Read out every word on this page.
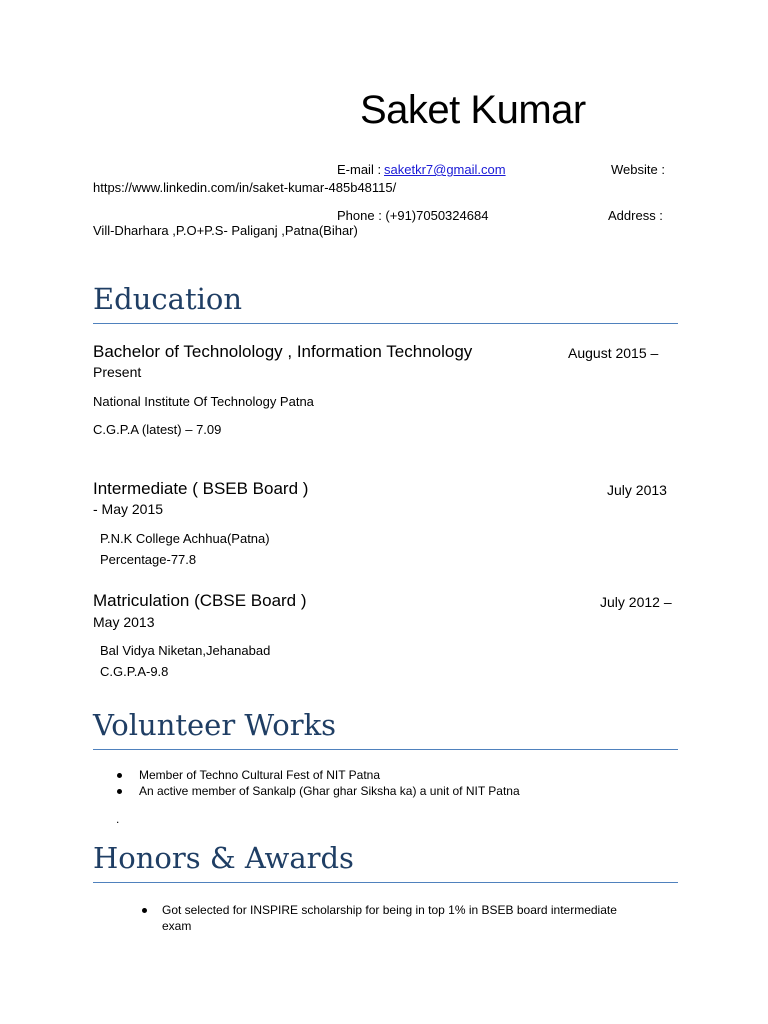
Saket Kumar
E-mail : saketkr7@gmail.com	Website :
https://www.linkedin.com/in/saket-kumar-485b48115/
Phone : (+91)7050324684	Address :
Vill-Dharhara ,P.O+P.S- Paliganj ,Patna(Bihar)
Education
Bachelor of Technolology , Information Technology	August 2015 –
Present
National Institute Of Technology Patna
C.G.P.A (latest) – 7.09
Intermediate ( BSEB Board )	July 2013
- May 2015
P.N.K College Achhua(Patna)
Percentage-77.8
Matriculation (CBSE Board )	July 2012 –
May 2013
Bal Vidya Niketan,Jehanabad
C.G.P.A-9.8
Volunteer Works
Member of Techno Cultural Fest of NIT Patna
An active member of Sankalp (Ghar ghar Siksha ka) a unit of NIT Patna
.
Honors & Awards
Got selected for INSPIRE scholarship for being in top 1% in BSEB board intermediate
exam
